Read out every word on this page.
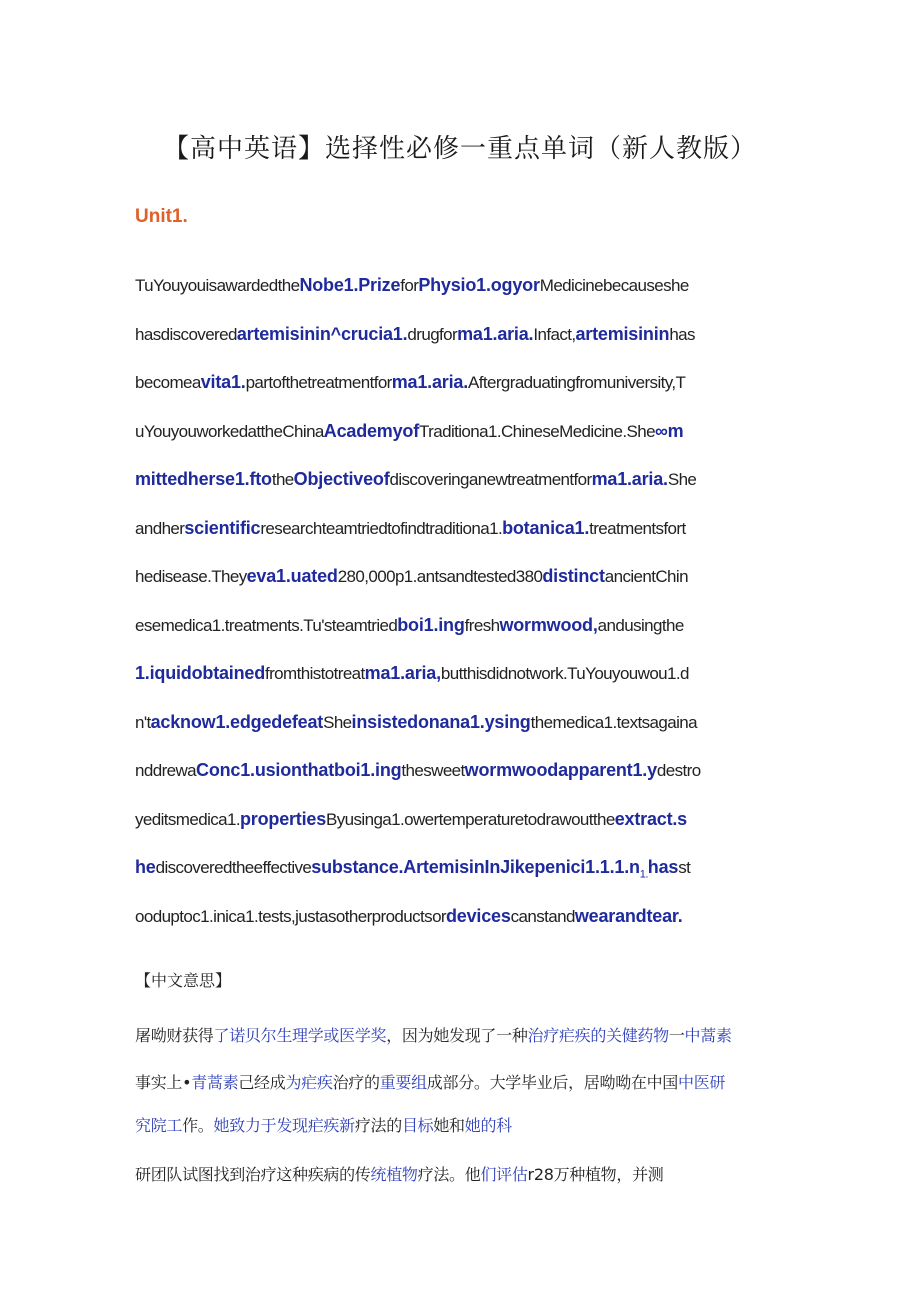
【高中英语】选择性必修一重点单词（新人教版）
Unit1.
TuYouyouisawardedtheNobe1.PrizeforPhysio1.ogyorMedicinebecauseshe
hasdiscoveredartemisinin^crucia1.drugforma1.aria.Infact,artemisininhas
becomeavita1.partofthetreatmentforma1.aria.Aftergraduatingfromuniversity,T
uYouyouworkedattheChinaAcademyofTraditiona1.ChineseMedicine.She∞m
mittedherse1.ftotheObjectiveofdiscoveringanewtreatmentforma1.aria.She
andherscientificresearchteamtriedtofindtraditiona1.botanica1.treatmentsfort
hedisease.Theyeva1.uated280,000p1.antsandtested380distinctancientChin
esemedica1.treatments.Tu'steamtriedboi1.ingfreshwormwood,andusingthe
1.iquidobtainedfromthistotreatma1.aria,butthisdidnotwork.TuYouyouwou1.d
n'tacknow1.edgedefeatSheinsistedonana1.ysingthemedica1.textsagaina
nddrewaConc1.usionthatboi1.ingthesweetwormwoodapparent1.ydestro
yeditsmedica1.propertiesByusinga1.owertemperaturetodrawouttheextract.s
$hediscoveredtheeffectivesubstance.ArtemisinInJikepenici1.1.1.n_{1.}hasst$
ooduptoc1.inica1.tests,justasotherproductsordevicescanstandwearandtear.
【中文意思】
屠呦财获得了诺贝尔生理学或医学奖，因为她发现了一种治疗疟疾的关健药物一中蒿素
事实上•青蒿素己经成为疟疾治疗的重要组成部分。大学毕业后，居呦呦在中国中医研
究院工作。她致力于发现疟疾新疗法的目标她和她的科
研团队试图找到治疗这种疾病的传统植物疗法。他们评估r28万种植物，并测
